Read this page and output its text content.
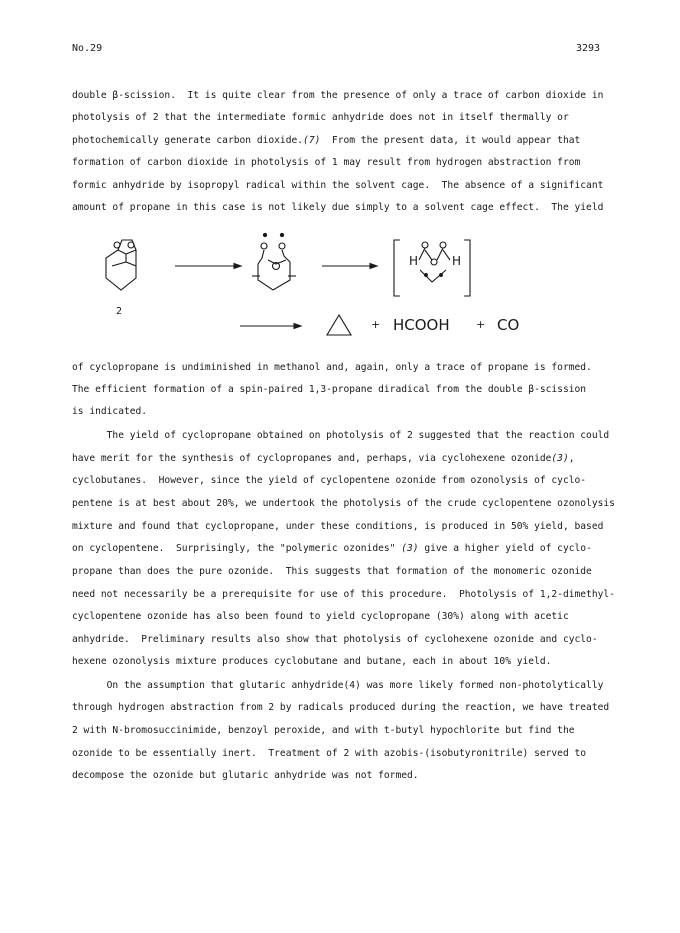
No.29	3293
double β-scission.  It is quite clear from the presence of only a trace of carbon dioxide in
photolysis of 2 that the intermediate formic anhydride does not in itself thermally or
photochemically generate carbon dioxide.(7)  From the present data, it would appear that
formation of carbon dioxide in photolysis of 1 may result from hydrogen abstraction from
formic anhydride by isopropyl radical within the solvent cage.  The absence of a significant
amount of propane in this case is not likely due simply to a solvent cage effect.  The yield
H	H
+ HCOOH + CO
2
of cyclopropane is undiminished in methanol and, again, only a trace of propane is formed.
The efficient formation of a spin-paired 1,3-propane diradical from the double β-scission
is indicated.
The yield of cyclopropane obtained on photolysis of 2 suggested that the reaction could
have merit for the synthesis of cyclopropanes and, perhaps, via cyclohexene ozonide(3),
cyclobutanes.  However, since the yield of cyclopentene ozonide from ozonolysis of cyclo-
pentene is at best about 20%, we undertook the photolysis of the crude cyclopentene ozonolysis
mixture and found that cyclopropane, under these conditions, is produced in 50% yield, based
on cyclopentene.  Surprisingly, the "polymeric ozonides" (3) give a higher yield of cyclo-
propane than does the pure ozonide.  This suggests that formation of the monomeric ozonide
need not necessarily be a prerequisite for use of this procedure.  Photolysis of 1,2-dimethyl-
cyclopentene ozonide has also been found to yield cyclopropane (30%) along with acetic
anhydride.  Preliminary results also show that photolysis of cyclohexene ozonide and cyclo-
hexene ozonolysis mixture produces cyclobutane and butane, each in about 10% yield.
On the assumption that glutaric anhydride(4) was more likely formed non-photolytically
through hydrogen abstraction from 2 by radicals produced during the reaction, we have treated
2 with N-bromosuccinimide, benzoyl peroxide, and with t-butyl hypochlorite but find the
ozonide to be essentially inert.  Treatment of 2 with azobis-(isobutyronitrile) served to
decompose the ozonide but glutaric anhydride was not formed.
